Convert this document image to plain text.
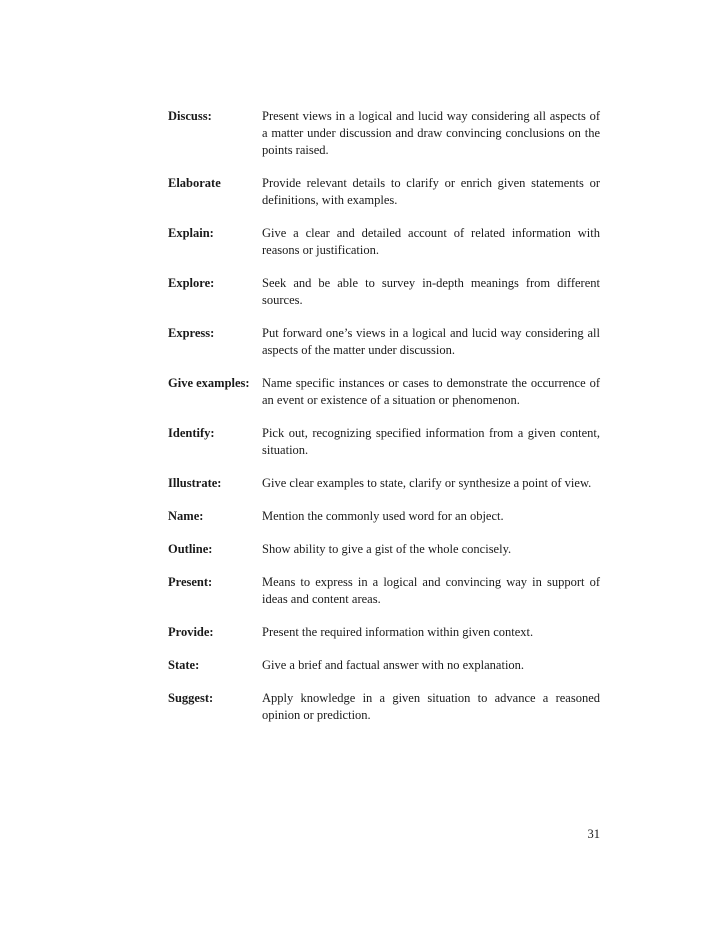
Discuss:	Present views in a logical and lucid way considering all aspects of a matter under discussion and draw convincing conclusions on the points raised.
Elaborate	Provide relevant details to clarify or enrich given statements or definitions, with examples.
Explain:	Give a clear and detailed account of related information with reasons or justification.
Explore:	Seek and be able to survey in-depth meanings from different sources.
Express:	Put forward one’s views in a logical and lucid way considering all aspects of the matter under discussion.
Give examples: Name specific instances or cases to demonstrate the occurrence of an event or existence of a situation or phenomenon.
Identify:	Pick out, recognizing specified information from a given content, situation.
Illustrate:	Give clear examples to state, clarify or synthesize a point of view.
Name:	Mention the commonly used word for an object.
Outline:	Show ability to give a gist of the whole concisely.
Present:	Means to express in a logical and convincing way in support of ideas and content areas.
Provide:	Present the required information within given context.
State:	Give a brief and factual answer with no explanation.
Suggest:	Apply knowledge in a given situation to advance a reasoned opinion or prediction.
31
